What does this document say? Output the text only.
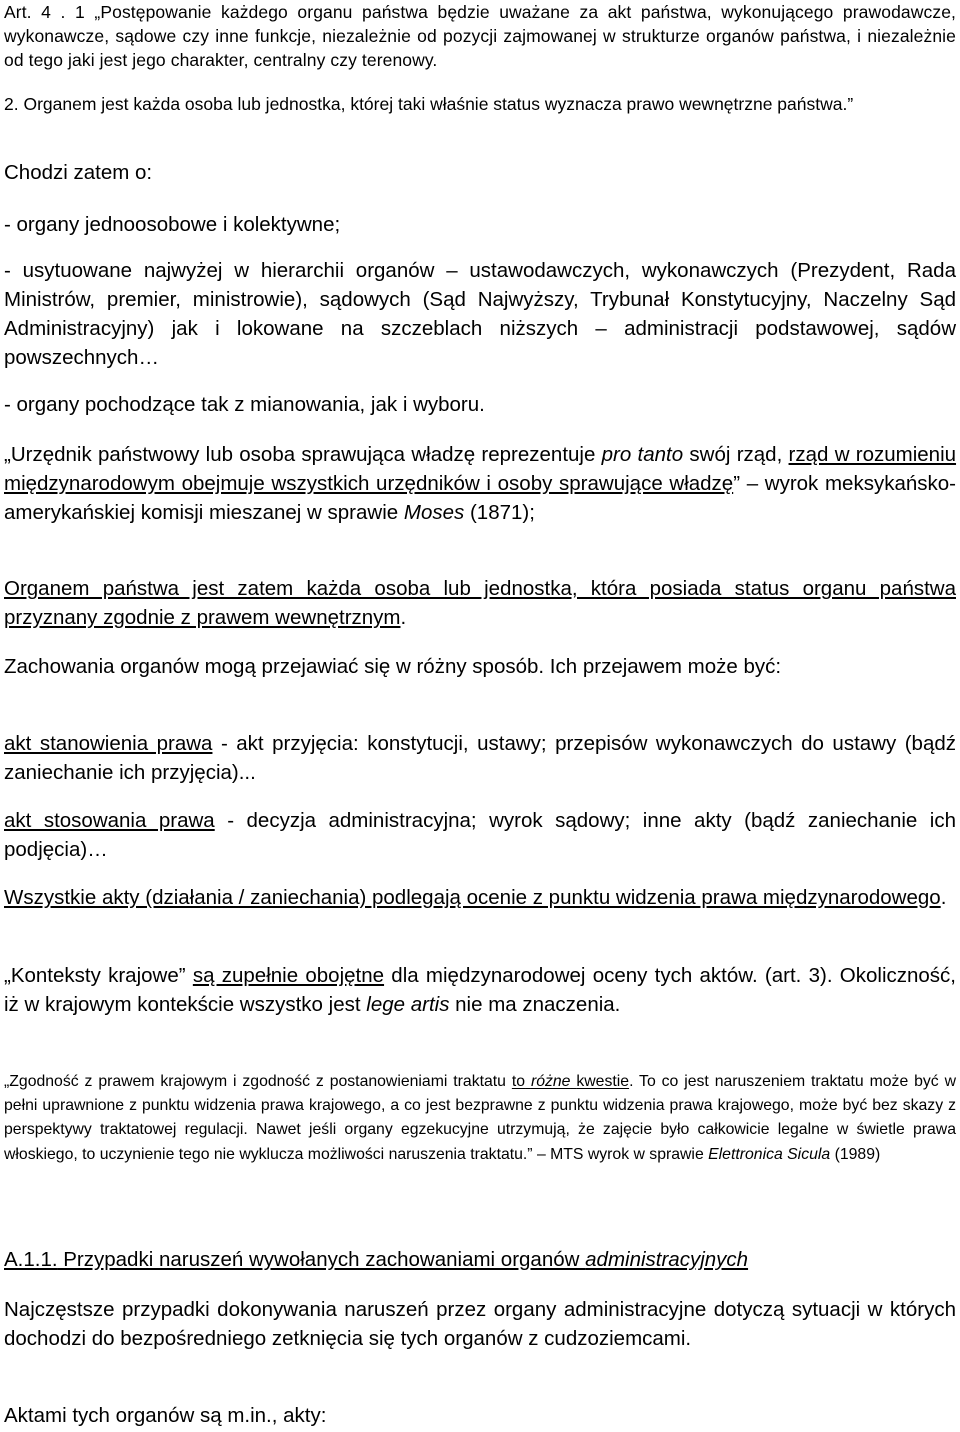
Art. 4 . 1 „Postępowanie każdego organu państwa będzie uważane za akt państwa, wykonującego prawodawcze, wykonawcze, sądowe czy inne funkcje, niezależnie od pozycji zajmowanej w strukturze organów państwa, i niezależnie od tego jaki jest jego charakter, centralny czy terenowy.

2. Organem jest każda osoba lub jednostka, której taki właśnie status wyznacza prawo wewnętrzne państwa.”

Chodzi zatem o:

- organy jednoosobowe i kolektywne;

- usytuowane najwyżej w hierarchii organów – ustawodawczych, wykonawczych (Prezydent, Rada Ministrów, premier, ministrowie), sądowych (Sąd Najwyższy, Trybunał Konstytucyjny, Naczelny Sąd Administracyjny) jak i lokowane na szczeblach niższych – administracji podstawowej, sądów powszechnych…

- organy pochodzące tak z mianowania, jak i wyboru.

„Urzędnik państwowy lub osoba sprawująca władzę reprezentuje pro tanto swój rząd, rząd w rozumieniu międzynarodowym obejmuje wszystkich urzędników i osoby sprawujące władzę” – wyrok meksykańsko-amerykańskiej komisji mieszanej w sprawie Moses (1871);

Organem państwa jest zatem każda osoba lub jednostka, która posiada status organu państwa przyznany zgodnie z prawem wewnętrznym.

Zachowania organów mogą przejawiać się w różny sposób. Ich przejawem może być:

akt stanowienia prawa - akt przyjęcia: konstytucji, ustawy; przepisów wykonawczych do ustawy (bądź zaniechanie ich przyjęcia)...

akt stosowania prawa - decyzja administracyjna; wyrok sądowy; inne akty (bądź zaniechanie ich podjęcia)…

Wszystkie akty (działania / zaniechania) podlegają ocenie z punktu widzenia prawa międzynarodowego.

„Konteksty krajowe” są zupełnie obojętne dla międzynarodowej oceny tych aktów. (art. 3). Okoliczność, iż w krajowym kontekście wszystko jest lege artis nie ma znaczenia.

„Zgodność z prawem krajowym i zgodność z postanowieniami traktatu to różne kwestie. To co jest naruszeniem traktatu może być w pełni uprawnione z punktu widzenia prawa krajowego, a co jest bezprawne z punktu widzenia prawa krajowego, może być bez skazy z perspektywy traktatowej regulacji. Nawet jeśli organy egzekucyjne utrzymują, że zajęcie było całkowicie legalne w świetle prawa włoskiego, to uczynienie tego nie wyklucza możliwości naruszenia traktatu.” – MTS wyrok w sprawie Elettronica Sicula (1989)

A.1.1. Przypadki naruszeń wywołanych zachowaniami organów administracyjnych

Najczęstsze przypadki dokonywania naruszeń przez organy administracyjne dotyczą sytuacji w których dochodzi do bezpośredniego zetknięcia się tych organów z cudzoziemcami.

Aktami tych organów są m.in., akty:
